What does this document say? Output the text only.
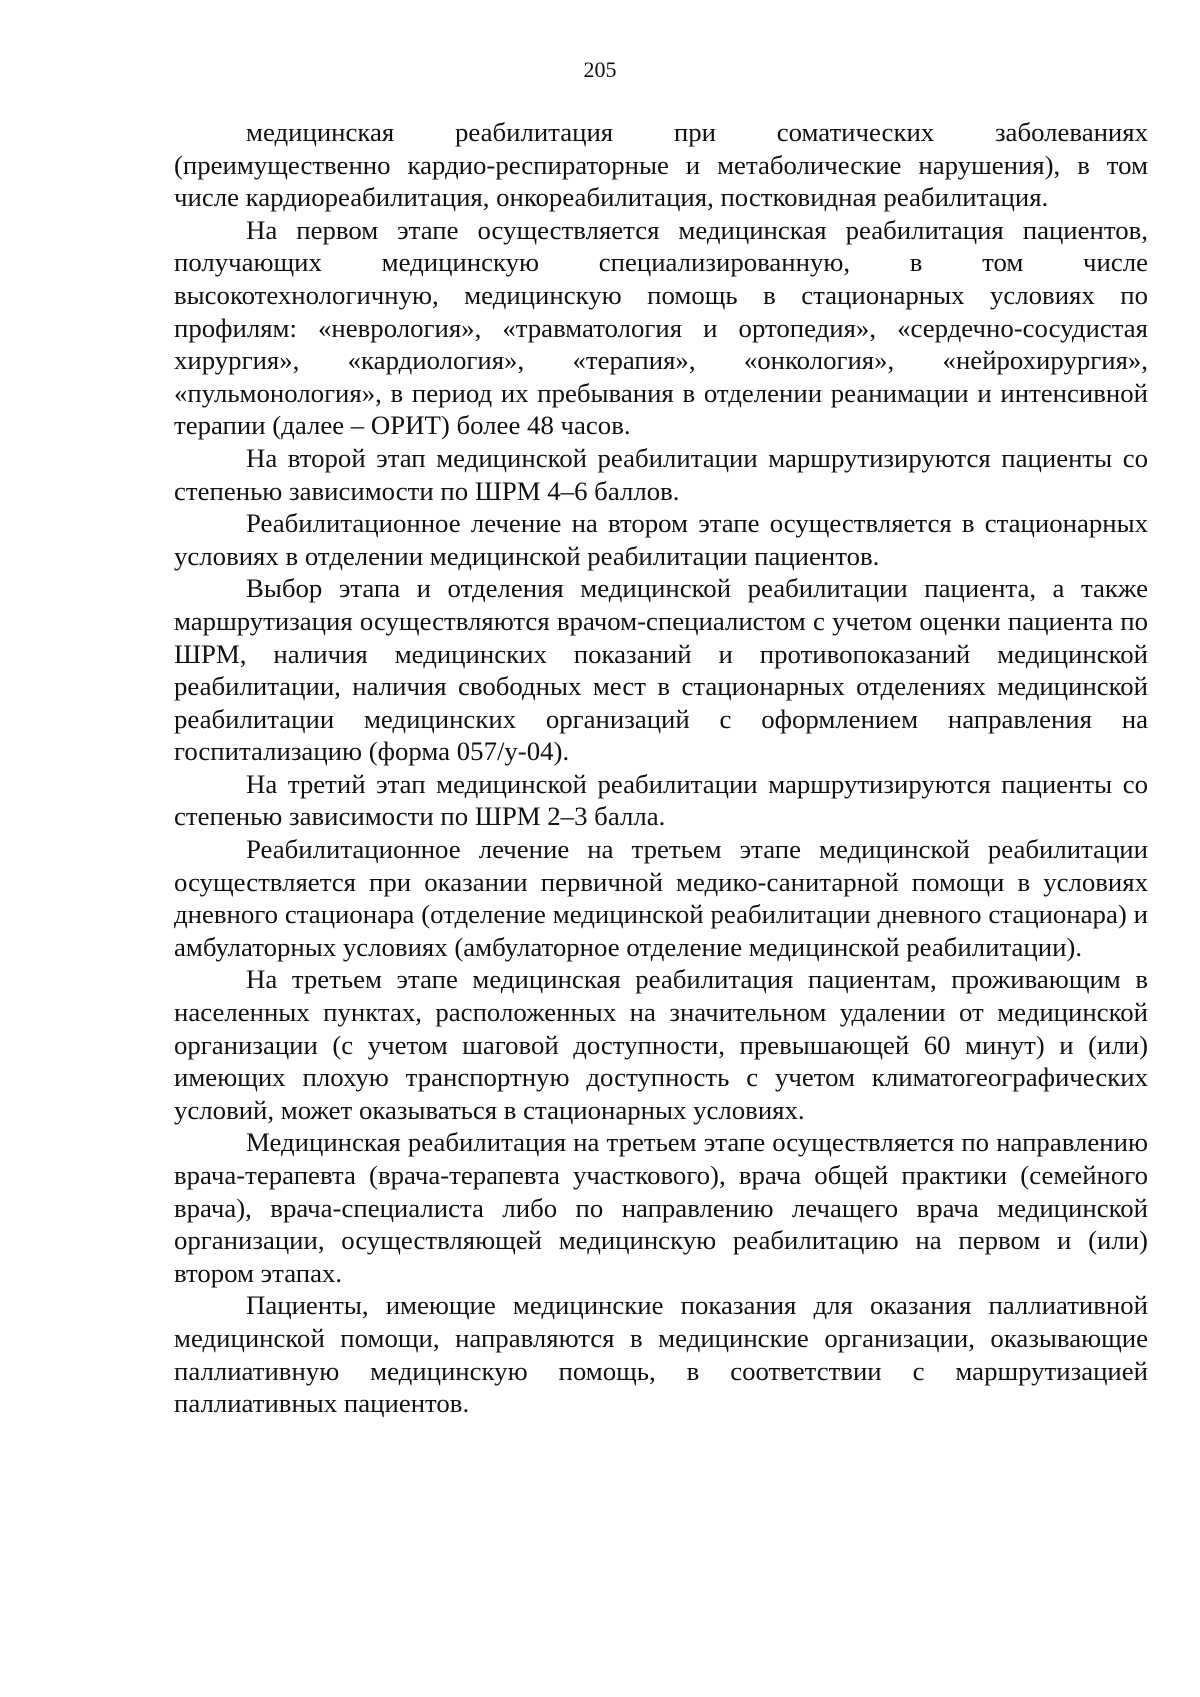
205

медицинская реабилитация при соматических заболеваниях (преимущественно кардио-респираторные и метаболические нарушения), в том числе кардиореабилитация, онкореабилитация, постковидная реабилитация.

На первом этапе осуществляется медицинская реабилитация пациентов, получающих медицинскую специализированную, в том числе высокотехнологичную, медицинскую помощь в стационарных условиях по профилям: «неврология», «травматология и ортопедия», «сердечно-сосудистая хирургия», «кардиология», «терапия», «онкология», «нейрохирургия», «пульмонология», в период их пребывания в отделении реанимации и интенсивной терапии (далее – ОРИТ) более 48 часов.

На второй этап медицинской реабилитации маршрутизируются пациенты со степенью зависимости по ШРМ 4–6 баллов.

Реабилитационное лечение на втором этапе осуществляется в стационарных условиях в отделении медицинской реабилитации пациентов.

Выбор этапа и отделения медицинской реабилитации пациента, а также маршрутизация осуществляются врачом-специалистом с учетом оценки пациента по ШРМ, наличия медицинских показаний и противопоказаний медицинской реабилитации, наличия свободных мест в стационарных отделениях медицинской реабилитации медицинских организаций с оформлением направления на госпитализацию (форма 057/у-04).

На третий этап медицинской реабилитации маршрутизируются пациенты со степенью зависимости по ШРМ 2–3 балла.

Реабилитационное лечение на третьем этапе медицинской реабилитации осуществляется при оказании первичной медико-санитарной помощи в условиях дневного стационара (отделение медицинской реабилитации дневного стационара) и амбулаторных условиях (амбулаторное отделение медицинской реабилитации).

На третьем этапе медицинская реабилитация пациентам, проживающим в населенных пунктах, расположенных на значительном удалении от медицинской организации (с учетом шаговой доступности, превышающей 60 минут) и (или) имеющих плохую транспортную доступность с учетом климатогеографических условий, может оказываться в стационарных условиях.

Медицинская реабилитация на третьем этапе осуществляется по направлению врача-терапевта (врача-терапевта участкового), врача общей практики (семейного врача), врача-специалиста либо по направлению лечащего врача медицинской организации, осуществляющей медицинскую реабилитацию на первом и (или) втором этапах.

Пациенты, имеющие медицинские показания для оказания паллиативной медицинской помощи, направляются в медицинские организации, оказывающие паллиативную медицинскую помощь, в соответствии с маршрутизацией паллиативных пациентов.
